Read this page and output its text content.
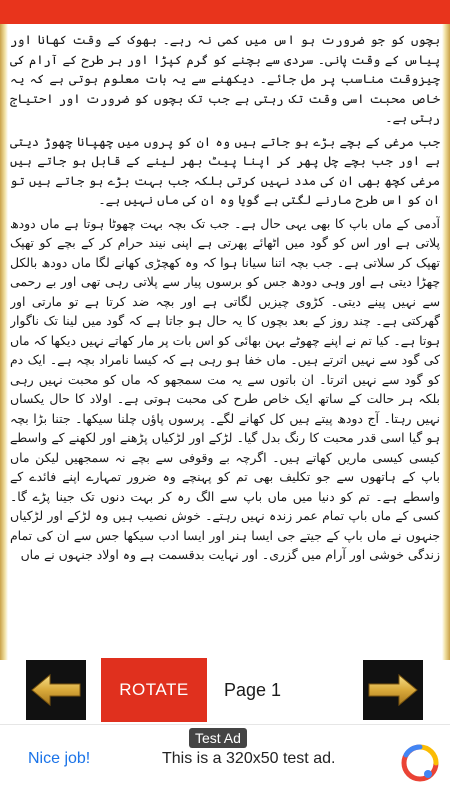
بچوں کو جو ضرورت ہو اس میں کمی نہ رہے۔ بھوک کے وقت کھانا اور پیاس کے وقت پانی۔ سردی سے بچنے کو گرم کپڑا اور ہر طرح کے آرام کی چیزوقت مناسب پر مل جائے۔ دیکھنے سے یہ بات معلوم ہوتی ہے کہ یہ خاص محبت اسی وقت تک رہتی ہے جب تک بچوں کو ضرورت اور احتیاج رہتی ہے۔

جب مرغی کے بچے بڑے ہو جاتے ہیں وہ ان کو پروں میں چھپانا چھوڑ دیتی ہے اور جب بچے چل پھر کر اپنا پیٹ بھر لینے کے قابل ہو جاتے ہیں مرغی کچھ بھی ان کی مدد نہیں کرتی بلکہ جب بہت بڑے ہو جاتے ہیں تو ان کو اس طرح مارنے لگتی ہے گویا وہ ان کی ماں نہیں ہے۔

آدمی کے ماں باپ کا بھی یہی حال ہے۔ جب تک بچہ بہت چھوٹا ہوتا ہے ماں دودھ پلاتی ہے اور اس کو گود میں اٹھائے پھرتی ہے اپنی نیند حرام کر کے بچے کو تھپک تھپک کر سلاتی ہے۔ جب بچہ اتنا سیانا ہوا کہ وہ کھچڑی کھانے لگا ماں دودھ بالکل چھڑا دیتی ہے اور وہی دودھ جس کو برسوں پیار سے پلاتی رہی تھی اور بے رحمی سے نہیں پینے دیتی۔ کڑوی چیزیں لگاتی ہے اور بچہ ضد کرتا ہے تو مارتی اور گھرکتی ہے۔ چند روز کے بعد بچوں کا یہ حال ہو جاتا ہے کہ گود میں لینا تک ناگوار ہوتا ہے۔ کیا تم نے اپنے چھوٹے بہن بھائی کو اس بات پر مار کھاتے نہیں دیکھا کہ ماں کی گود سے نہیں اترتے ہیں۔ ماں خفا ہو رہی ہے کہ کیسا نامراد بچہ ہے۔ ایک دم کو گود سے نہیں اترتا۔ ان باتوں سے یہ مت سمجھو کہ ماں کو محبت نہیں رہی بلکہ ہر حالت کے ساتھ ایک خاص طرح کی محبت ہوتی ہے۔ اولاد کا حال یکساں نہیں رہتا۔ آج دودھ پیتے ہیں کل کھانے لگے۔ پرسوں پاؤں چلنا سیکھا۔ جتنا بڑا بچہ ہو گیا اسی قدر محبت کا رنگ بدل گیا۔ لڑکے اور لڑکیاں پڑھنے اور لکھنے کے واسطے کیسی کیسی ماریں کھاتے ہیں۔ اگرچہ بے وقوفی سے بچے نہ سمجھیں لیکن ماں باپ کے ہاتھوں سے جو تکلیف بھی تم کو پہنچے وہ ضرور تمہارے اپنے فائدے کے واسطے ہے۔ تم کو دنیا میں ماں باپ سے الگ رہ کر بہت دنوں تک جینا پڑے گا۔ کسی کے ماں باپ تمام عمر زندہ نہیں رہتے۔ خوش نصیب ہیں وہ لڑکے اور لڑکیاں جنہوں نے ماں باپ کے جیتے جی ایسا ہنر اور ایسا ادب سیکھا جس سے ان کی تمام زندگی خوشی اور آرام میں گزری۔ اور نہایت بدقسمت ہے وہ اولاد جنہوں نے ماں

ROTATE	Page 1
Test Ad
Nice job!	This is a 320x50 test ad.
